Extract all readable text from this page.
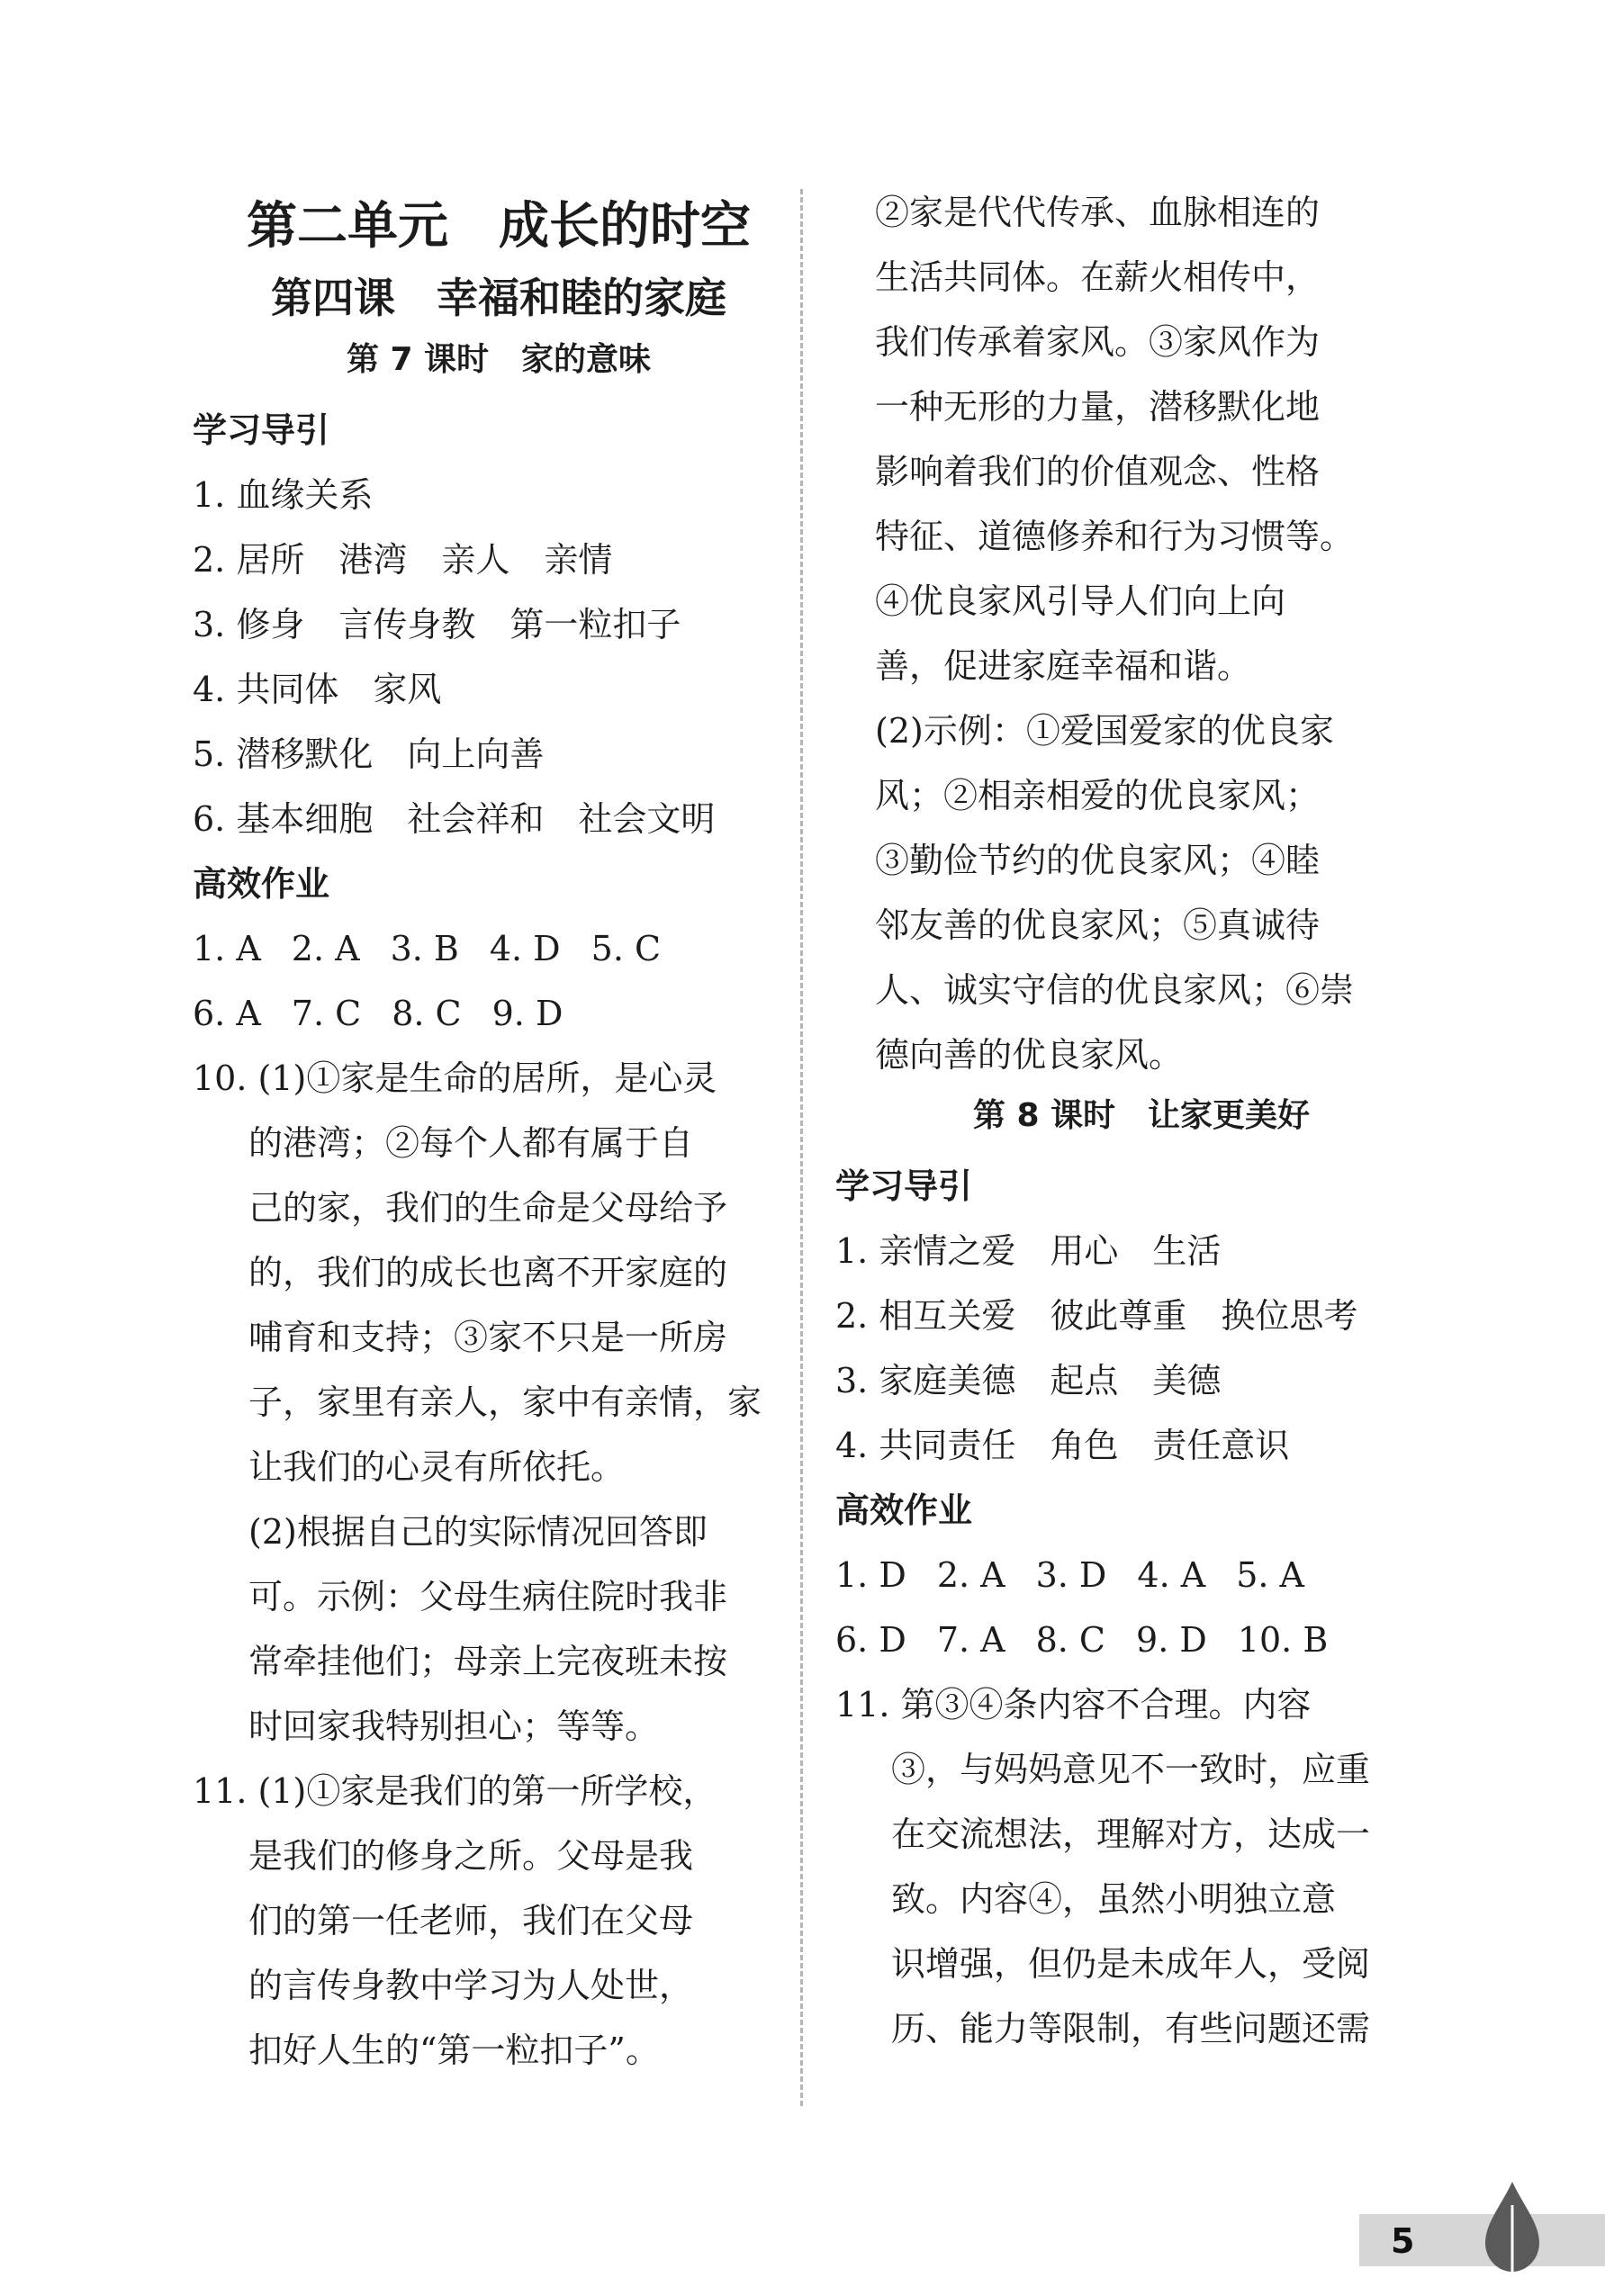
第二单元　成长的时空
第四课　幸福和睦的家庭
第 7 课时　家的意味
学习导引
1. 血缘关系
2. 居所　港湾　亲人　亲情
3. 修身　言传身教　第一粒扣子
4. 共同体　家风
5. 潜移默化　向上向善
6. 基本细胞　社会祥和　社会文明
高效作业
1. A 2. A 3. B 4. D 5. C
6. A 7. C 8. C 9. D
10. (1)①家是生命的居所，是心灵
的港湾；②每个人都有属于自
己的家，我们的生命是父母给予
的，我们的成长也离不开家庭的
哺育和支持；③家不只是一所房
子，家里有亲人，家中有亲情，家
让我们的心灵有所依托。
(2)根据自己的实际情况回答即
可。示例：父母生病住院时我非
常牵挂他们；母亲上完夜班未按
时回家我特别担心；等等。
11. (1)①家是我们的第一所学校，
是我们的修身之所。父母是我
们的第一任老师，我们在父母
的言传身教中学习为人处世，
扣好人生的“第一粒扣子”。
②家是代代传承、血脉相连的
生活共同体。在薪火相传中，
我们传承着家风。③家风作为
一种无形的力量，潜移默化地
影响着我们的价值观念、性格
特征、道德修养和行为习惯等。
④优良家风引导人们向上向
善，促进家庭幸福和谐。
(2)示例：①爱国爱家的优良家
风；②相亲相爱的优良家风；
③勤俭节约的优良家风；④睦
邻友善的优良家风；⑤真诚待
人、诚实守信的优良家风；⑥崇
德向善的优良家风。
第 8 课时　让家更美好
学习导引
1. 亲情之爱　用心　生活
2. 相互关爱　彼此尊重　换位思考
3. 家庭美德　起点　美德
4. 共同责任　角色　责任意识
高效作业
1. D 2. A 3. D 4. A 5. A
6. D 7. A 8. C 9. D 10. B
11. 第③④条内容不合理。内容
③，与妈妈意见不一致时，应重
在交流想法，理解对方，达成一
致。内容④，虽然小明独立意
识增强，但仍是未成年人，受阅
历、能力等限制，有些问题还需
5
